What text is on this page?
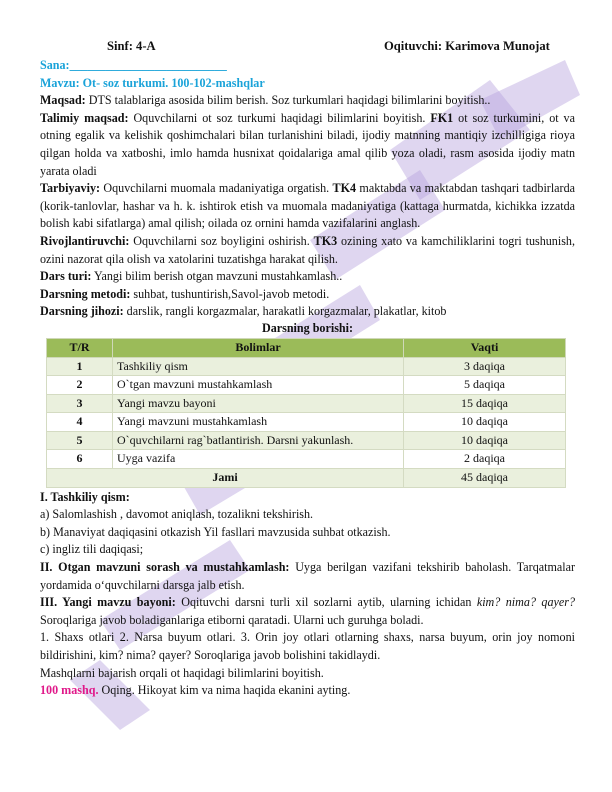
Sinf: 4-A	Oqituvchi: Karimova Munojat
Sana:__________________________
Mavzu: Ot- soz turkumi. 100-102-mashqlar

Maqsad: DTS talablariga asosida bilim berish. Soz turkumlari haqidagi bilimlarini boyitish..

Talimiy maqsad: Oquvchilarni ot soz turkumi haqidagi bilimlarini boyitish. FK1 ot soz turkumini, ot va otning egalik va kelishik qoshimchalari bilan turlanishini biladi, ijodiy matnning mantiqiy izchilligiga rioya qilgan holda va xatboshi, imlo hamda husnixat qoidalariga amal qilib yoza oladi, rasm asosida ijodiy matn yarata oladi

Tarbiyaviy: Oquvchilarni muomala madaniyatiga orgatish. TK4 maktabda va maktabdan tashqari tadbirlarda (korik-tanlovlar, hashar va h. k. ishtirok etish va muomala madaniyatiga (kattaga hurmatda, kichikka izzatda bolish kabi sifatlarga) amal qilish; oilada oz ornini hamda vazifalarini anglash.

Rivojlantiruvchi: Oquvchilarni soz boyligini oshirish. TK3 ozining xato va kamchiliklarini togri tushunish, ozini nazorat qila olish va xatolarini tuzatishga harakat qilish.

Dars turi: Yangi bilim berish otgan mavzuni mustahkamlash..

Darsning metodi: suhbat, tushuntirish,Savol-javob metodi.

Darsning jihozi: darslik, rangli korgazmalar, harakatli korgazmalar, plakatlar, kitob

Darsning borishi:
T/R	Bolimlar	Vaqti
1	Tashkiliy qism	3 daqiqa
2	O`tgan mavzuni mustahkamlash	5 daqiqa
3	Yangi mavzu bayoni	15 daqiqa
4	Yangi mavzuni mustahkamlash	10 daqiqa
5	O`quvchilarni rag`batlantirish. Darsni yakunlash.	10 daqiqa
6	Uyga vazifa	2 daqiqa
Jami		45 daqiqa
I. Tashkiliy qism:
a) Salomlashish , davomot aniqlash, tozalikni tekshirish.
b) Manaviyat daqiqasini otkazish Yil fasllari mavzusida suhbat otkazish.
c) ingliz tili daqiqasi;

II. Otgan mavzuni sorash va mustahkamlash: Uyga berilgan vazifani tekshirib baholash. Tarqatmalar yordamida o‘quvchilarni darsga jalb etish.

III. Yangi mavzu bayoni: Oqituvchi darsni turli xil sozlarni aytib, ularning ichidan kim? nima? qayer? Soroqlariga javob boladiganlariga etiborni qaratadi. Ularni uch guruhga boladi.

1. Shaxs otlari 2. Narsa buyum otlari. 3. Orin joy otlari otlarning shaxs, narsa buyum, orin joy nomoni bildirishini, kim? nima? qayer? Soroqlariga javob bolishini takidlaydi.

Mashqlarni bajarish orqali ot haqidagi bilimlarini boyitish.
100 mashq. Oqing. Hikoyat kim va nima haqida ekanini ayting.
